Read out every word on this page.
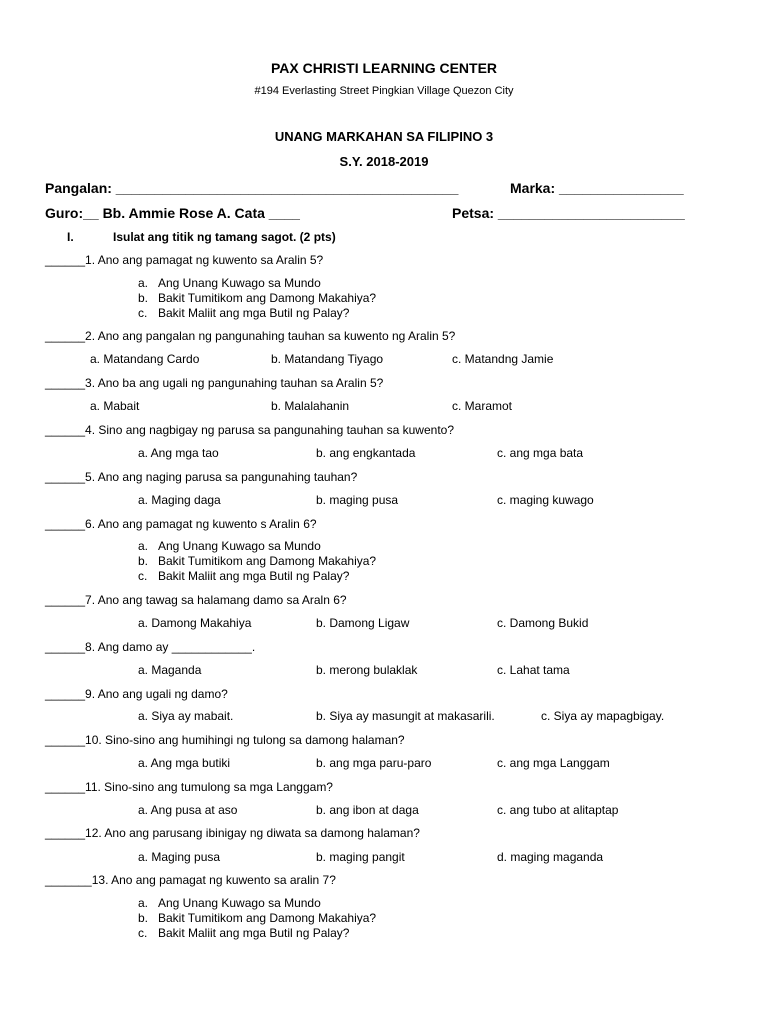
PAX CHRISTI LEARNING CENTER
#194 Everlasting Street Pingkian Village Quezon City
UNANG MARKAHAN SA FILIPINO 3
S.Y. 2018-2019
Pangalan: ____________________________________________	Marka: ________________
Guro:__ Bb. Ammie Rose A. Cata ____	Petsa: ________________________
I.	Isulat ang titik ng tamang sagot. (2 pts)
______1. Ano ang pamagat ng kuwento sa Aralin 5?
a. Ang Unang Kuwago sa Mundo
b. Bakit Tumitikom ang Damong Makahiya?
c. Bakit Maliit ang mga Butil ng Palay?
______2. Ano ang pangalan ng pangunahing tauhan sa kuwento ng Aralin 5?
a. Matandang Cardo	b. Matandang Tiyago	c. Matandng Jamie
______3. Ano ba ang ugali ng pangunahing tauhan sa Aralin 5?
a. Mabait	b. Malalahanin	c. Maramot
______4. Sino ang nagbigay ng parusa sa pangunahing tauhan sa kuwento?
a. Ang mga tao	b. ang engkantada	c. ang mga bata
______5. Ano ang naging parusa sa pangunahing tauhan?
a. Maging daga	b. maging pusa	c. maging kuwago
______6. Ano ang pamagat ng kuwento s Aralin 6?
a. Ang Unang Kuwago sa Mundo
b. Bakit Tumitikom ang Damong Makahiya?
c. Bakit Maliit ang mga Butil ng Palay?
______7. Ano ang tawag sa halamang damo sa Araln 6?
a. Damong Makahiya	b. Damong Ligaw	c. Damong Bukid
______8. Ang damo ay ____________.
a. Maganda	b. merong bulaklak	c. Lahat tama
______9. Ano ang ugali ng damo?
a. Siya ay mabait.	b. Siya ay masungit at makasarili.	c. Siya ay mapagbigay.
______10. Sino-sino ang humihingi ng tulong sa damong halaman?
a. Ang mga butiki	b. ang mga paru-paro	c. ang mga Langgam
______11. Sino-sino ang tumulong sa mga Langgam?
a. Ang pusa at aso	b. ang ibon at daga	c. ang tubo at alitaptap
______12. Ano ang parusang ibinigay ng diwata sa damong halaman?
a. Maging pusa	b. maging pangit	d. maging maganda
_______13. Ano ang pamagat ng kuwento sa aralin 7?
a. Ang Unang Kuwago sa Mundo
b. Bakit Tumitikom ang Damong Makahiya?
c. Bakit Maliit ang mga Butil ng Palay?
